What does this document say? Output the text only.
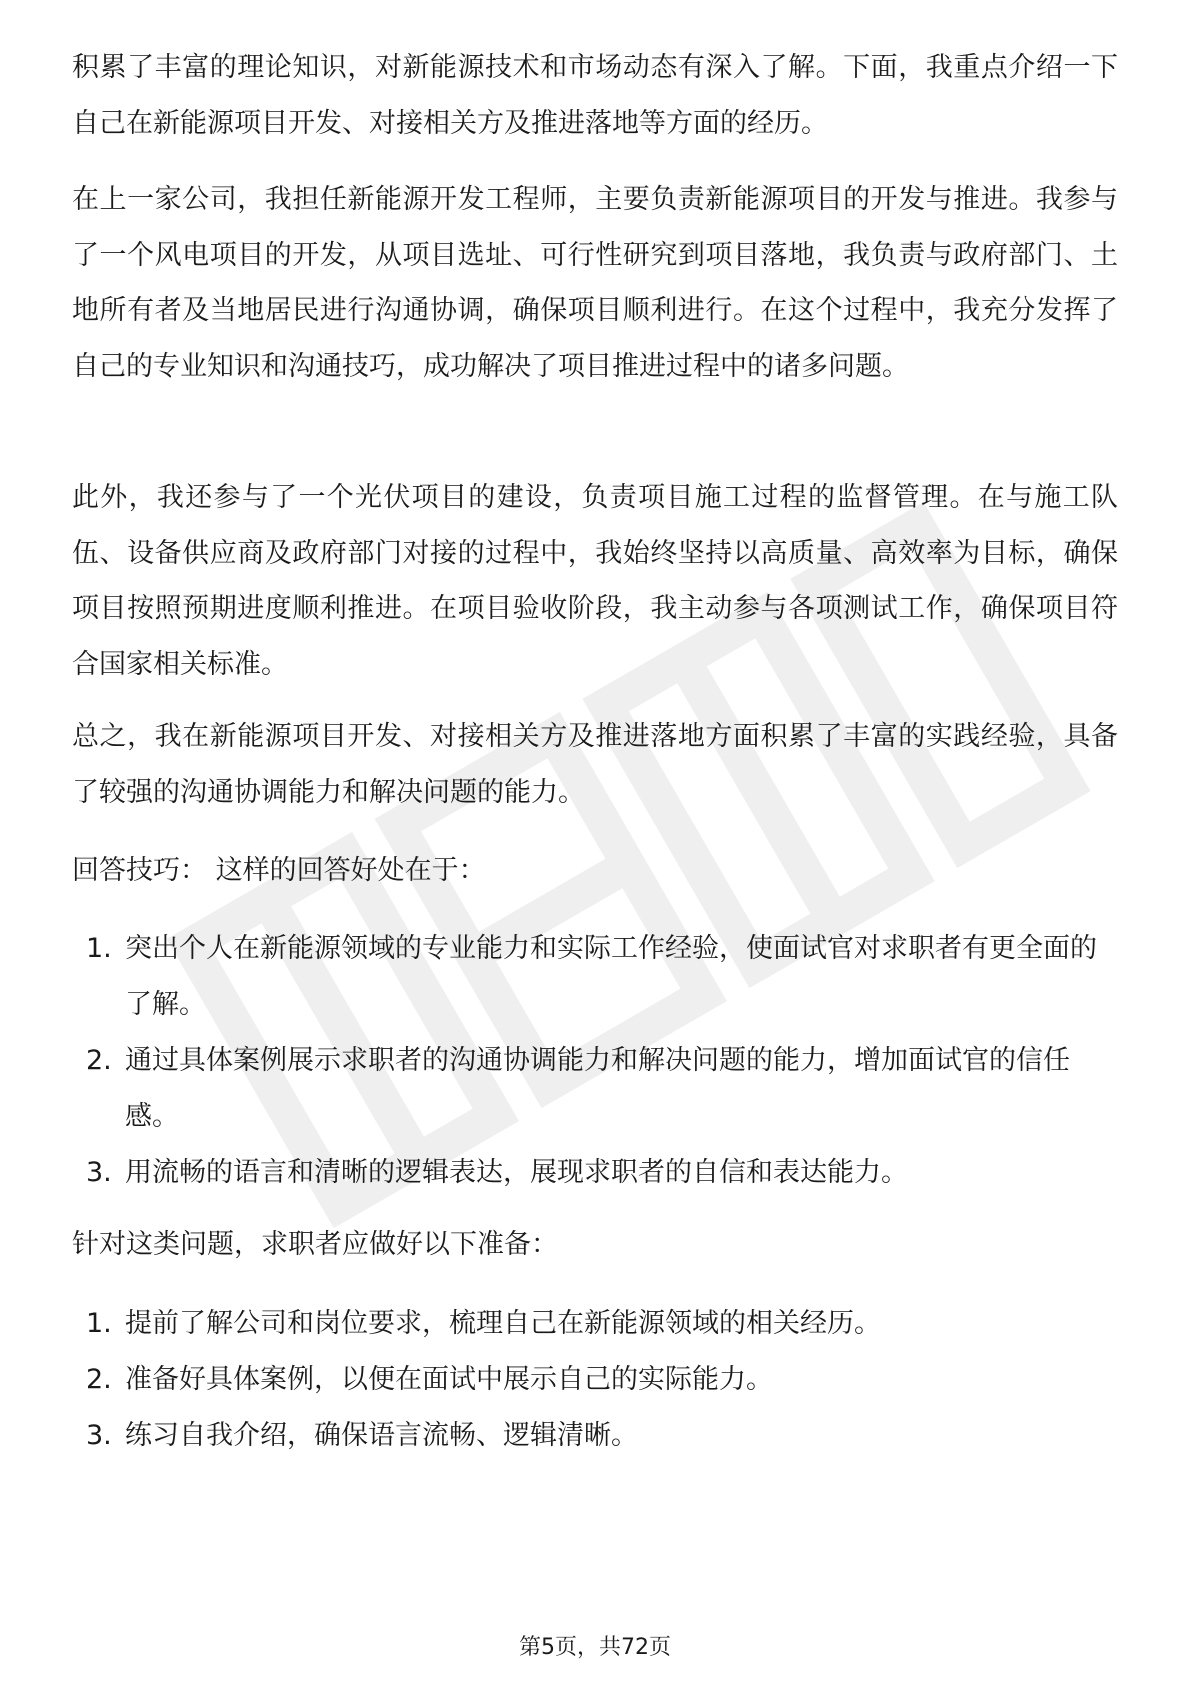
积累了丰富的理论知识，对新能源技术和市场动态有深入了解。下面，我重点介绍一下自己在新能源项目开发、对接相关方及推进落地等方面的经历。

在上一家公司，我担任新能源开发工程师，主要负责新能源项目的开发与推进。我参与了一个风电项目的开发，从项目选址、可行性研究到项目落地，我负责与政府部门、土地所有者及当地居民进行沟通协调，确保项目顺利进行。在这个过程中，我充分发挥了自己的专业知识和沟通技巧，成功解决了项目推进过程中的诸多问题。

此外，我还参与了一个光伏项目的建设，负责项目施工过程的监督管理。在与施工队伍、设备供应商及政府部门对接的过程中，我始终坚持以高质量、高效率为目标，确保项目按照预期进度顺利推进。在项目验收阶段，我主动参与各项测试工作，确保项目符合国家相关标准。

总之，我在新能源项目开发、对接相关方及推进落地方面积累了丰富的实践经验，具备了较强的沟通协调能力和解决问题的能力。

回答技巧： 这样的回答好处在于：

1. 突出个人在新能源领域的专业能力和实际工作经验，使面试官对求职者有更全面的了解。
2. 通过具体案例展示求职者的沟通协调能力和解决问题的能力，增加面试官的信任感。
3. 用流畅的语言和清晰的逻辑表达，展现求职者的自信和表达能力。

针对这类问题，求职者应做好以下准备：

1. 提前了解公司和岗位要求，梳理自己在新能源领域的相关经历。
2. 准备好具体案例，以便在面试中展示自己的实际能力。
3. 练习自我介绍，确保语言流畅、逻辑清晰。
第5页，共72页
